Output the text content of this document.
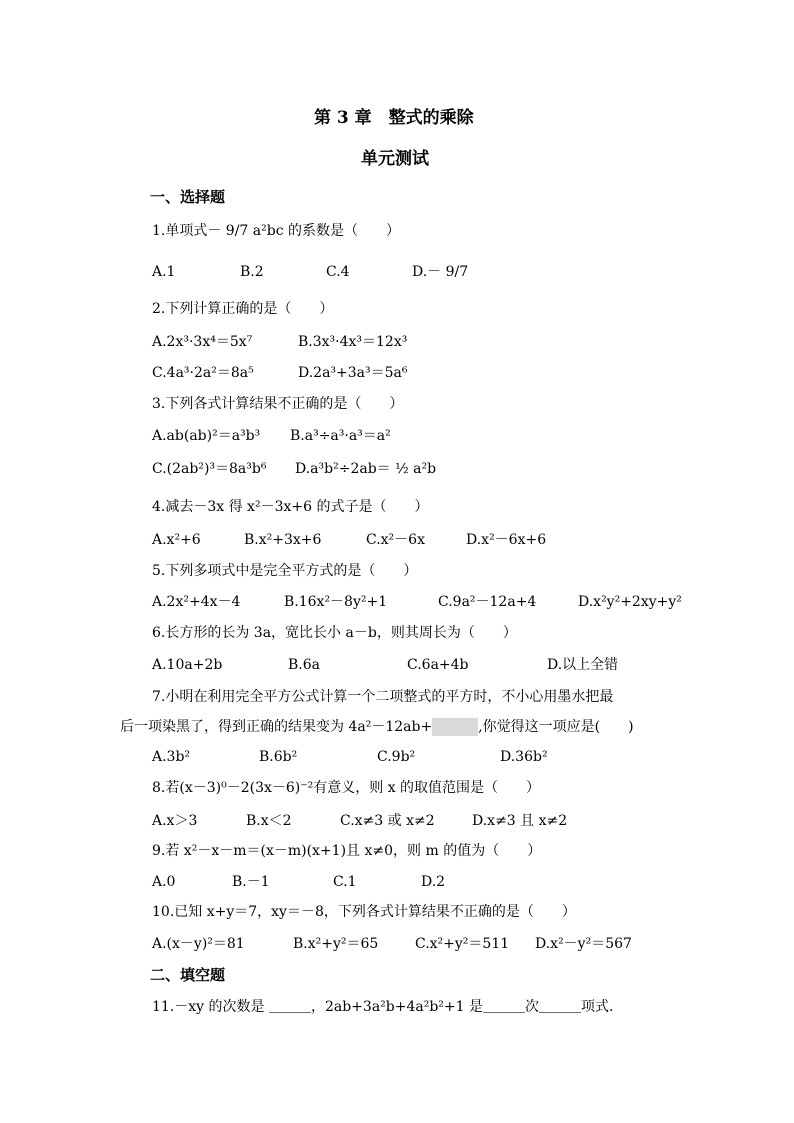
第 3 章　整式的乘除
单元测试
一、选择题
1.单项式－ 9/7 a²bc 的系数是（　　）
A.1	B.2	C.4	D.－ 9/7
2.下列计算正确的是（　　）
A.2x³·3x⁴＝5x⁷	B.3x³·4x³＝12x³
C.4a³·2a²＝8a⁵	D.2a³+3a³＝5a⁶
3.下列各式计算结果不正确的是（　　）
A.ab(ab)²＝a³b³ B.a³÷a³·a³＝a²
C.(2ab²)³＝8a³b⁶ D.a³b²÷2ab＝ ½ a²b
4.减去－3x 得 x²－3x+6 的式子是（　　）
A.x²+6	B.x²+3x+6	C.x²－6x	D.x²－6x+6
5.下列多项式中是完全平方式的是（　　）
A.2x²+4x－4	B.16x²－8y²+1	C.9a²－12a+4	D.x²y²+2xy+y²
6.长方形的长为 3a，宽比长小 a－b，则其周长为（　　）
A.10a+2b	B.6a	C.6a+4b	D.以上全错
7.小明在利用完全平方公式计算一个二项整式的平方时，不小心用墨水把最
后一项染黑了，得到正确的结果变为 4a²－12ab+	,你觉得这一项应是(　　)
A.3b²	B.6b²	C.9b²	D.36b²
8.若(x－3)⁰－2(3x－6)⁻²有意义，则 x 的取值范围是（　　）
A.x＞3	B.x＜2	C.x≠3 或 x≠2	D.x≠3 且 x≠2
9.若 x²－x－m＝(x－m)(x+1)且 x≠0，则 m 的值为（　　）
A.0	B.－1	C.1	D.2
10.已知 x+y＝7，xy＝－8，下列各式计算结果不正确的是（　　）
A.(x－y)²＝81	B.x²+y²＝65	C.x²+y²＝511 D.x²－y²＝567
二、填空题
11.－xy 的次数是 ＿＿＿，2ab+3a²b+4a²b²+1 是＿＿＿次＿＿＿项式.
